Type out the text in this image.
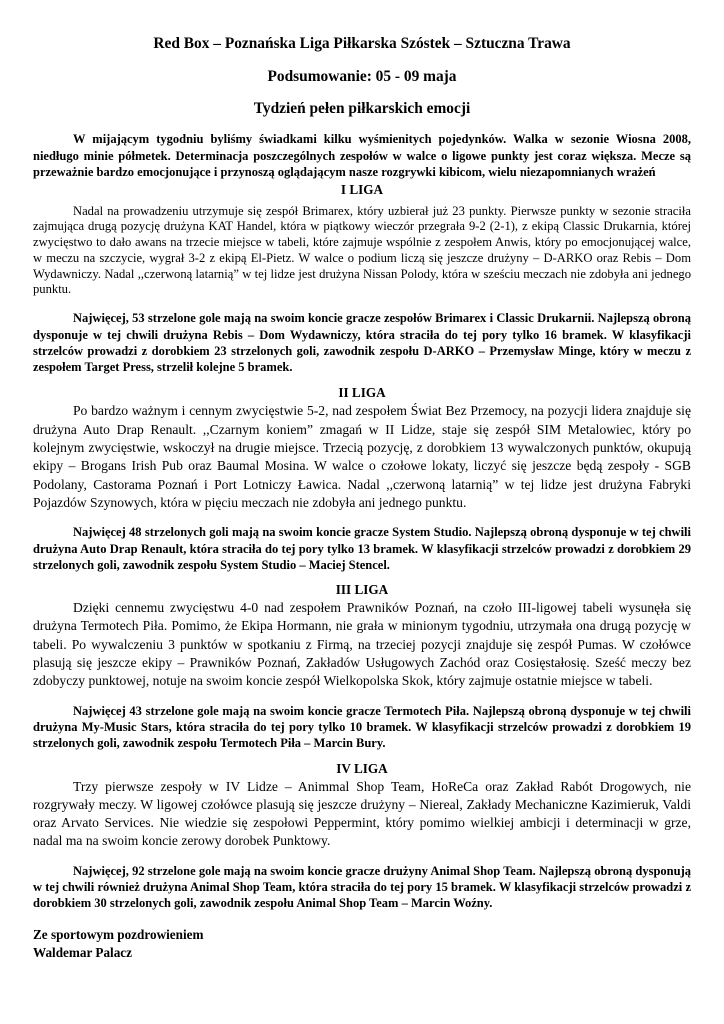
Red Box – Poznańska Liga Piłkarska Szóstek – Sztuczna Trawa
Podsumowanie: 05 - 09 maja
Tydzień pełen piłkarskich emocji

W mijającym tygodniu byliśmy świadkami kilku wyśmienitych pojedynków. Walka w sezonie Wiosna 2008, niedługo minie półmetek. Determinacja poszczególnych zespołów w walce o ligowe punkty jest coraz większa. Mecze są przeważnie bardzo emocjonujące i przynoszą oglądającym nasze rozgrywki kibicom, wielu niezapomnianych wrażeń

I LIGA

Nadal na prowadzeniu utrzymuje się zespół Brimarex, który uzbierał już 23 punkty. Pierwsze punkty w sezonie straciła zajmująca drugą pozycję drużyna KAT Handel, która w piątkowy wieczór przegrała 9-2 (2-1), z ekipą Classic Drukarnia, której zwycięstwo to dało awans na trzecie miejsce w tabeli, które zajmuje wspólnie z zespołem Anwis, który po emocjonującej walce, w meczu na szczycie, wygrał 3-2 z ekipą El-Pietz. W walce o podium liczą się jeszcze drużyny – D-ARKO oraz Rebis – Dom Wydawniczy. Nadal ,,czerwoną latarnią” w tej lidze jest drużyna Nissan Polody, która w sześciu meczach nie zdobyła ani jednego punktu.

Najwięcej, 53 strzelone gole mają na swoim koncie gracze zespołów Brimarex i Classic Drukarnii. Najlepszą obroną dysponuje w tej chwili drużyna Rebis – Dom Wydawniczy, która straciła do tej pory tylko 16 bramek. W klasyfikacji strzelców prowadzi z dorobkiem 23 strzelonych goli, zawodnik zespołu D-ARKO – Przemysław Minge, który w meczu z zespołem Target Press, strzelił kolejne 5 bramek.

II LIGA

Po bardzo ważnym i cennym zwycięstwie 5-2, nad zespołem Świat Bez Przemocy, na pozycji lidera znajduje się drużyna Auto Drap Renault. ,,Czarnym koniem” zmagań w II Lidze, staje się zespół SIM Metalowiec, który po kolejnym zwycięstwie, wskoczył na drugie miejsce. Trzecią pozycję, z dorobkiem 13 wywalczonych punktów, okupują ekipy – Brogans Irish Pub oraz Baumal Mosina. W walce o czołowe lokaty, liczyć się jeszcze będą zespoły - SGB Podolany, Castorama Poznań i Port Lotniczy Ławica. Nadal ,,czerwoną latarnią” w tej lidze jest drużyna Fabryki Pojazdów Szynowych, która w pięciu meczach nie zdobyła ani jednego punktu.

Najwięcej 48 strzelonych goli mają na swoim koncie gracze System Studio. Najlepszą obroną dysponuje w tej chwili drużyna Auto Drap Renault, która straciła do tej pory tylko 13 bramek. W klasyfikacji strzelców prowadzi z dorobkiem 29 strzelonych goli, zawodnik zespołu System Studio – Maciej Stencel.

III LIGA

Dzięki cennemu zwycięstwu 4-0 nad zespołem Prawników Poznań, na czoło III-ligowej tabeli wysunęła się drużyna Termotech Piła. Pomimo, że Ekipa Hormann, nie grała w minionym tygodniu, utrzymała ona drugą pozycję w tabeli. Po wywalczeniu 3 punktów w spotkaniu z Firmą, na trzeciej pozycji znajduje się zespół Pumas. W czołówce plasują się jeszcze ekipy – Prawników Poznań, Zakładów Usługowych Zachód oraz Cosięstałosię. Sześć meczy bez zdobyczy punktowej, notuje na swoim koncie zespół Wielkopolska Skok, który zajmuje ostatnie miejsce w tabeli.

Najwięcej 43 strzelone gole mają na swoim koncie gracze Termotech Piła. Najlepszą obroną dysponuje w tej chwili drużyna My-Music Stars, która straciła do tej pory tylko 10 bramek. W klasyfikacji strzelców prowadzi z dorobkiem 19 strzelonych goli, zawodnik zespołu Termotech Piła – Marcin Bury.

IV LIGA

Trzy pierwsze zespoły w IV Lidze – Animmal Shop Team, HoReCa oraz Zakład Rabót Drogowych, nie rozgrywały meczy. W ligowej czołówce plasują się jeszcze drużyny – Niereal, Zakłady Mechaniczne Kazimieruk, Valdi oraz Arvato Services. Nie wiedzie się zespołowi Peppermint, który pomimo wielkiej ambicji i determinacji w grze, nadal ma na swoim koncie zerowy dorobek Punktowy.

Najwięcej, 92 strzelone gole mają na swoim koncie gracze drużyny Animal Shop Team. Najlepszą obroną dysponują w tej chwili również drużyna Animal Shop Team, która straciła do tej pory 15 bramek. W klasyfikacji strzelców prowadzi z dorobkiem 30 strzelonych goli, zawodnik zespołu Animal Shop Team – Marcin Woźny.

Ze sportowym pozdrowieniem
Waldemar Palacz
